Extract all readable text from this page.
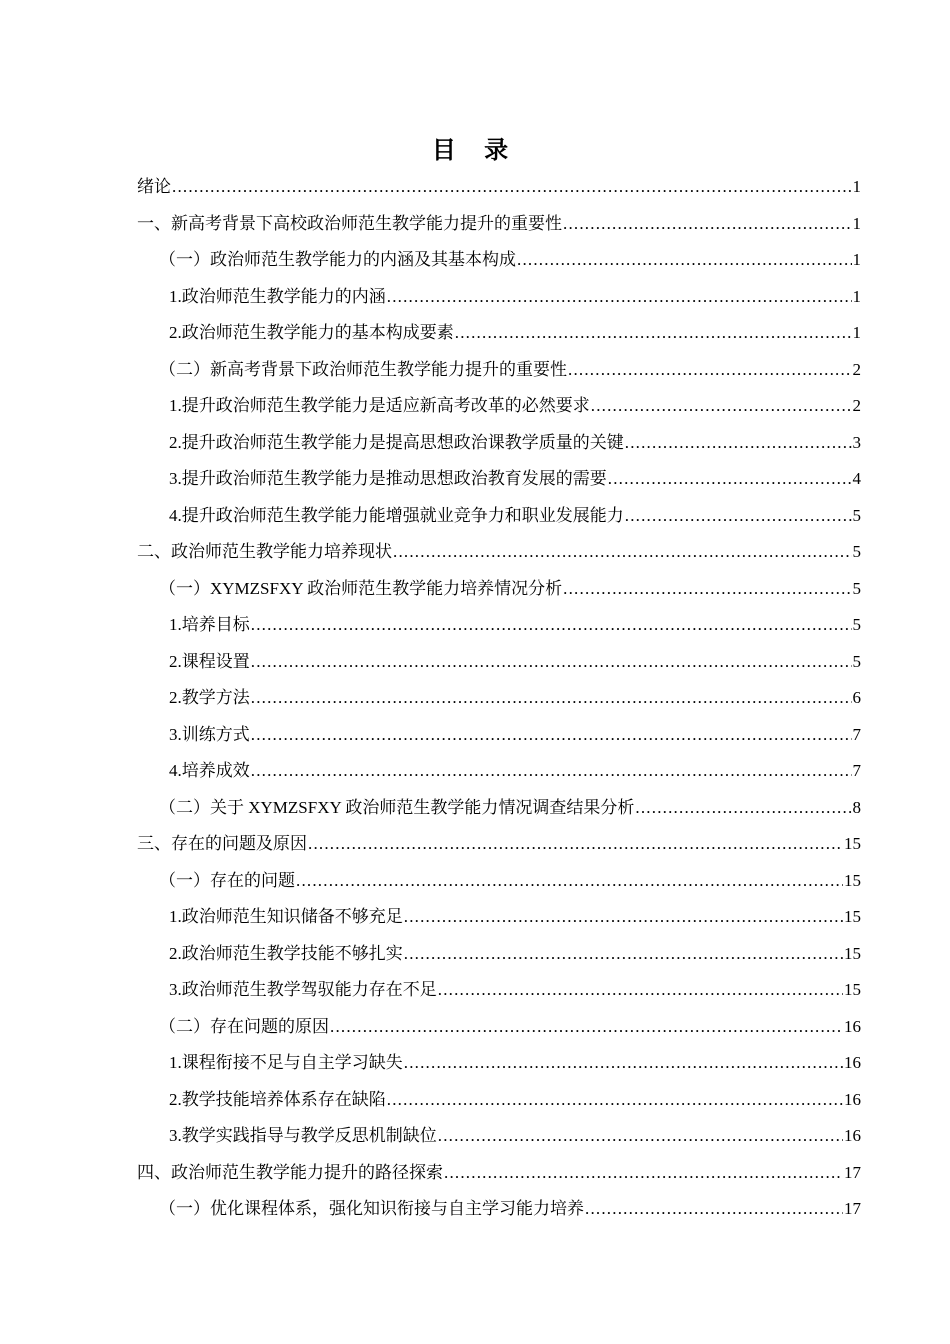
目 录
绪论 .....	1
一、新高考背景下高校政治师范生教学能力提升的重要性 .....	1
（一）政治师范生教学能力的内涵及其基本构成 .....	1
1.政治师范生教学能力的内涵 .....	1
2.政治师范生教学能力的基本构成要素 .....	1
（二）新高考背景下政治师范生教学能力提升的重要性 .....	2
1.提升政治师范生教学能力是适应新高考改革的必然要求 .....	2
2.提升政治师范生教学能力是提高思想政治课教学质量的关键 .....	3
3.提升政治师范生教学能力是推动思想政治教育发展的需要 .....	4
4.提升政治师范生教学能力能增强就业竞争力和职业发展能力 .....	5
二、政治师范生教学能力培养现状 .....	5
（一）XYMZSFXY 政治师范生教学能力培养情况分析 .....	5
1.培养目标 .....	5
2.课程设置 .....	5
2.教学方法 .....	6
3.训练方式 .....	7
4.培养成效 .....	7
（二）关于 XYMZSFXY 政治师范生教学能力情况调查结果分析 .....	8
三、存在的问题及原因 .....	15
（一）存在的问题 .....	15
1.政治师范生知识储备不够充足 .....	15
2.政治师范生教学技能不够扎实 .....	15
3.政治师范生教学驾驭能力存在不足 .....	15
（二）存在问题的原因 .....	16
1.课程衔接不足与自主学习缺失 .....	16
2.教学技能培养体系存在缺陷 .....	16
3.教学实践指导与教学反思机制缺位 .....	16
四、政治师范生教学能力提升的路径探索 .....	17
（一）优化课程体系，强化知识衔接与自主学习能力培养 .....	17
